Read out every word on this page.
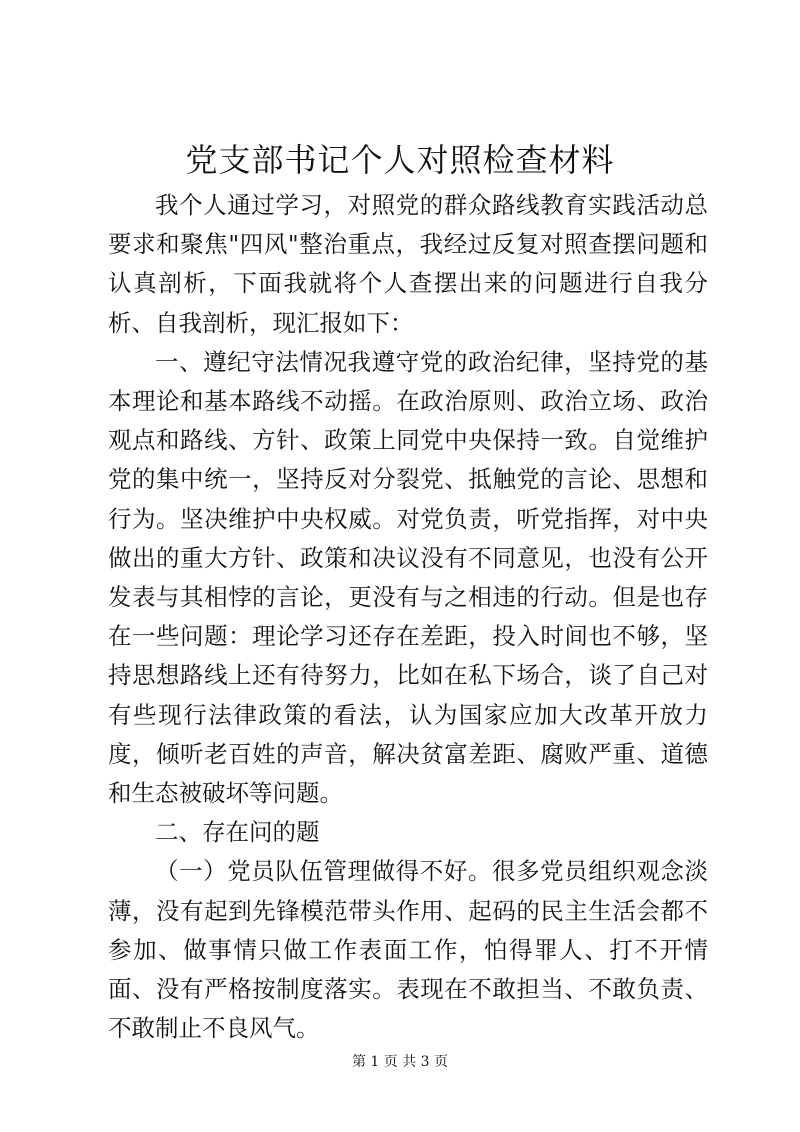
党支部书记个人对照检查材料

我个人通过学习，对照党的群众路线教育实践活动总要求和聚焦"四风"整治重点，我经过反复对照查摆问题和认真剖析，下面我就将个人查摆出来的问题进行自我分析、自我剖析，现汇报如下：

一、遵纪守法情况我遵守党的政治纪律，坚持党的基本理论和基本路线不动摇。在政治原则、政治立场、政治观点和路线、方针、政策上同党中央保持一致。自觉维护党的集中统一，坚持反对分裂党、抵触党的言论、思想和行为。坚决维护中央权威。对党负责，听党指挥，对中央做出的重大方针、政策和决议没有不同意见，也没有公开发表与其相悖的言论，更没有与之相违的行动。但是也存在一些问题：理论学习还存在差距，投入时间也不够，坚持思想路线上还有待努力，比如在私下场合，谈了自己对有些现行法律政策的看法，认为国家应加大改革开放力度，倾听老百姓的声音，解决贫富差距、腐败严重、道德和生态被破坏等问题。

二、存在问的题

（一）党员队伍管理做得不好。很多党员组织观念淡薄，没有起到先锋模范带头作用、起码的民主生活会都不参加、做事情只做工作表面工作，怕得罪人、打不开情面、没有严格按制度落实。表现在不敢担当、不敢负责、不敢制止不良风气。

第 1 页 共 3 页
